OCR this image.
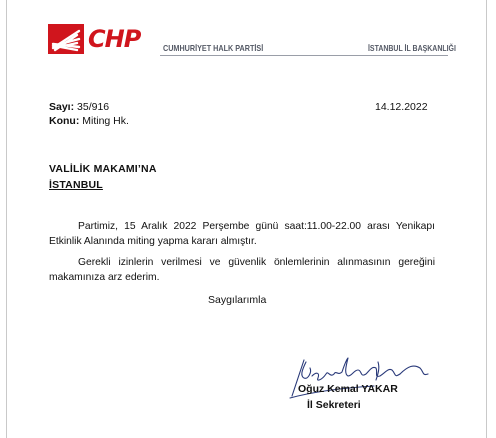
CHP	CUMHURİYET HALK PARTİSİ	İSTANBUL İL BAŞKANLIĞI
Sayı: 35/916
Konu: Miting Hk.
14.12.2022
VALİLİK MAKAMI’NA
İSTANBUL
Partimiz, 15 Aralık 2022 Perşembe günü saat:11.00-22.00 arası Yenikapı Etkinlik Alanında miting yapma kararı almıştır.
Gerekli izinlerin verilmesi ve güvenlik önlemlerinin alınmasının gereğini makamınıza arz ederim.
Saygılarımla
Oğuz Kemal YAKAR
İl Sekreteri
